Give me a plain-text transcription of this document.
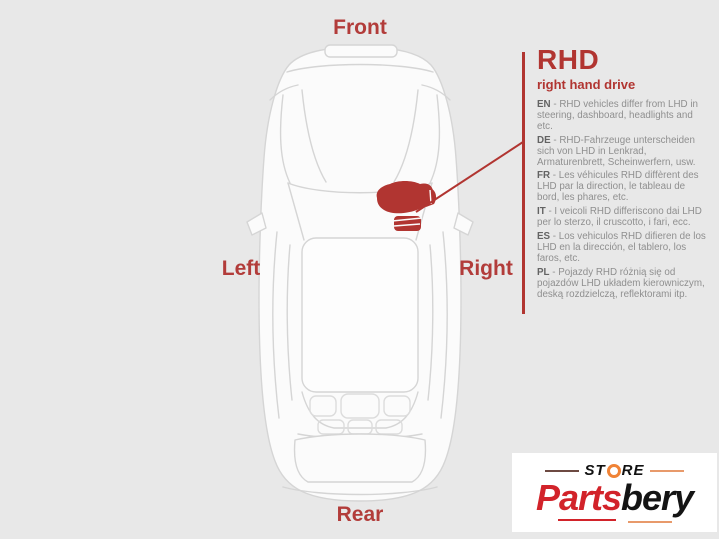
Front
Left	Right
Rear
RHD
right hand drive

EN - RHD vehicles differ from LHD in steering, dashboard, headlights and etc.

DE - RHD-Fahrzeuge unterscheiden sich von LHD in Lenkrad, Armaturenbrett, Scheinwerfern, usw.

FR - Les véhicules RHD diffèrent des LHD par la direction, le tableau de bord, les phares, etc.

IT - I veicoli RHD differiscono dai LHD per lo sterzo, il cruscotto, i fari, ecc.

ES - Los vehiculos RHD difieren de los LHD en la dirección, el tablero, los faros, etc.

PL - Pojazdy RHD różnią się od pojazdów LHD układem kierowniczym, deską rozdzielczą, reflektorami itp.

ST RE
Partsbery
